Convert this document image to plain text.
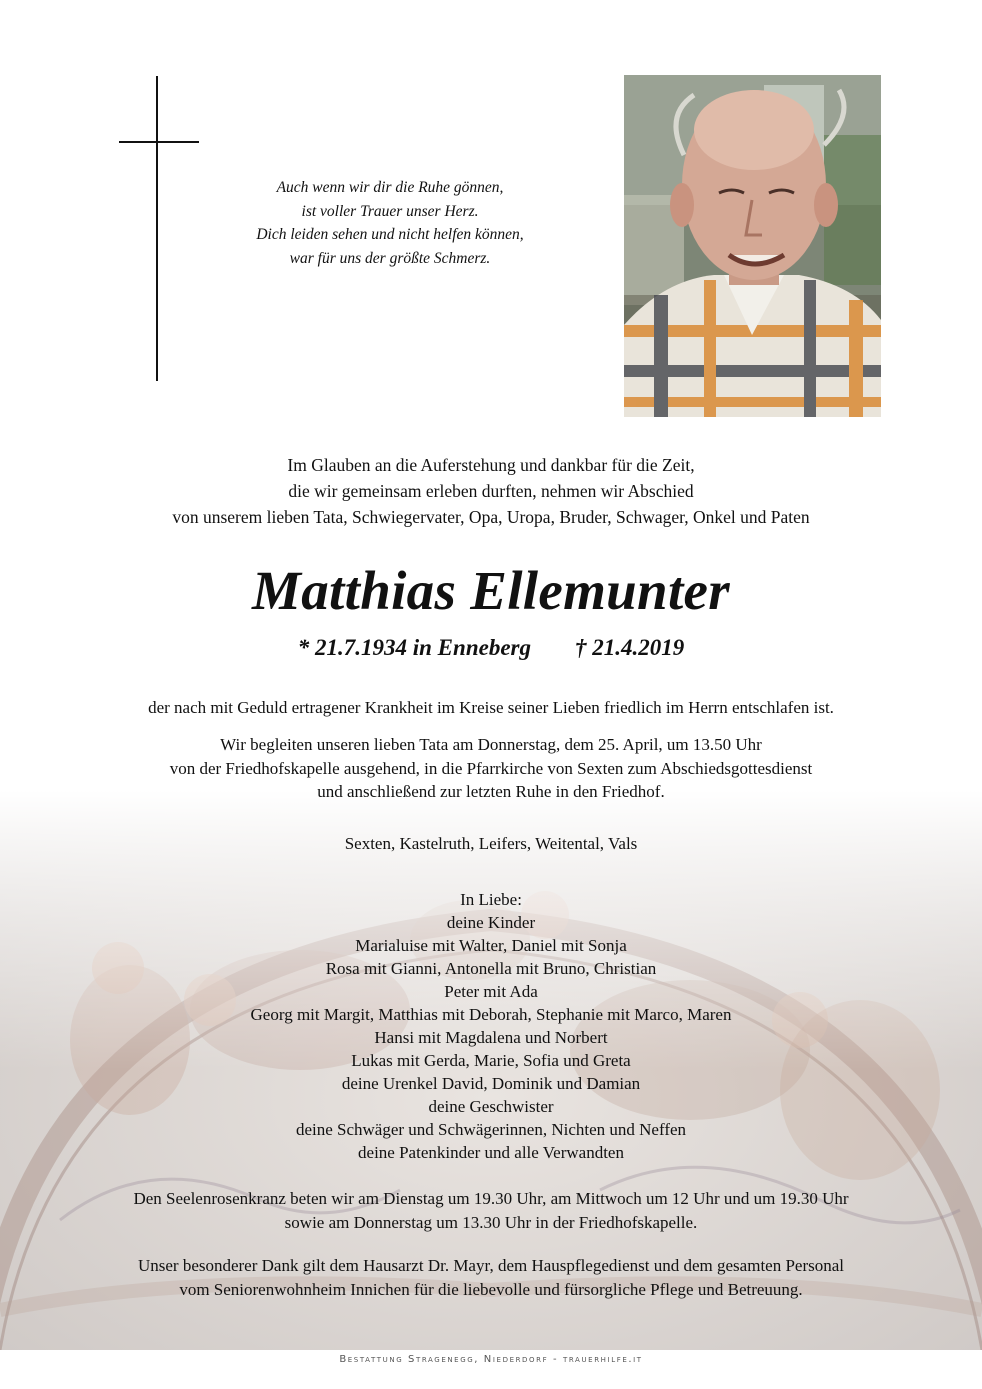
Auch wenn wir dir die Ruhe gönnen,
ist voller Trauer unser Herz.
Dich leiden sehen und nicht helfen können,
war für uns der größte Schmerz.
Im Glauben an die Auferstehung und dankbar für die Zeit,
die wir gemeinsam erleben durften, nehmen wir Abschied
von unserem lieben Tata, Schwiegervater, Opa, Uropa, Bruder, Schwager, Onkel und Paten
Matthias Ellemunter
* 21.7.1934 in Enneberg † 21.4.2019
der nach mit Geduld ertragener Krankheit im Kreise seiner Lieben friedlich im Herrn entschlafen ist.
Wir begleiten unseren lieben Tata am Donnerstag, dem 25. April, um 13.50 Uhr
von der Friedhofskapelle ausgehend, in die Pfarrkirche von Sexten zum Abschiedsgottesdienst
und anschließend zur letzten Ruhe in den Friedhof.
Sexten, Kastelruth, Leifers, Weitental, Vals
In Liebe:
deine Kinder
Marialuise mit Walter, Daniel mit Sonja
Rosa mit Gianni, Antonella mit Bruno, Christian
Peter mit Ada
Georg mit Margit, Matthias mit Deborah, Stephanie mit Marco, Maren
Hansi mit Magdalena und Norbert
Lukas mit Gerda, Marie, Sofia und Greta
deine Urenkel David, Dominik und Damian
deine Geschwister
deine Schwäger und Schwägerinnen, Nichten und Neffen
deine Patenkinder und alle Verwandten
Den Seelenrosenkranz beten wir am Dienstag um 19.30 Uhr, am Mittwoch um 12 Uhr und um 19.30 Uhr
sowie am Donnerstag um 13.30 Uhr in der Friedhofskapelle.
Unser besonderer Dank gilt dem Hausarzt Dr. Mayr, dem Hauspflegedienst und dem gesamten Personal
vom Seniorenwohnheim Innichen für die liebevolle und fürsorgliche Pflege und Betreuung.
Bestattung Stragenegg, Niederdorf - trauerhilfe.it
